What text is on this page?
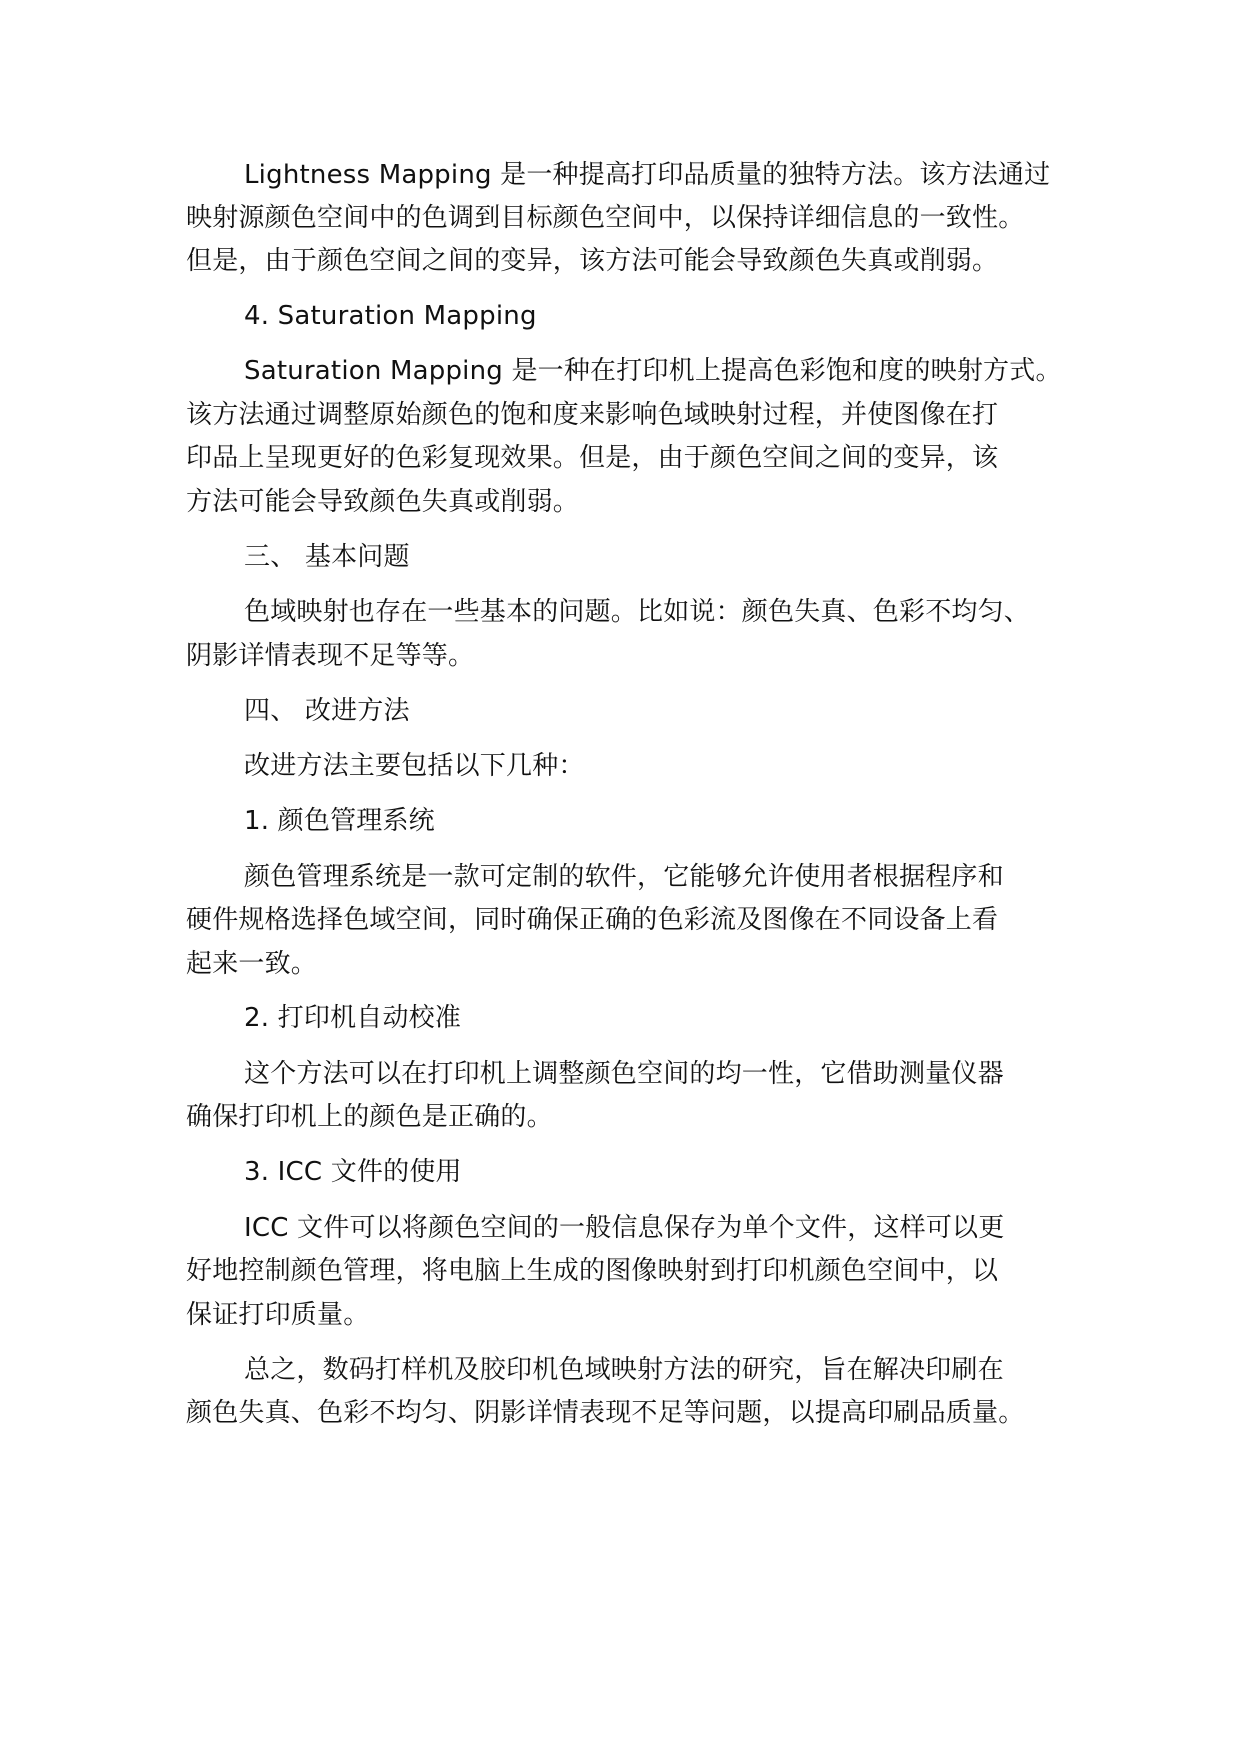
Lightness Mapping 是一种提高打印品质量的独特方法。该方法通过
映射源颜色空间中的色调到目标颜色空间中，以保持详细信息的一致性。
但是，由于颜色空间之间的变异，该方法可能会导致颜色失真或削弱。
4. Saturation Mapping
Saturation Mapping 是一种在打印机上提高色彩饱和度的映射方式。
该方法通过调整原始颜色的饱和度来影响色域映射过程，并使图像在打
印品上呈现更好的色彩复现效果。但是，由于颜色空间之间的变异，该
方法可能会导致颜色失真或削弱。
三、 基本问题
色域映射也存在一些基本的问题。比如说：颜色失真、色彩不均匀、
阴影详情表现不足等等。
四、 改进方法
改进方法主要包括以下几种：
1. 颜色管理系统
颜色管理系统是一款可定制的软件，它能够允许使用者根据程序和
硬件规格选择色域空间，同时确保正确的色彩流及图像在不同设备上看
起来一致。
2. 打印机自动校准
这个方法可以在打印机上调整颜色空间的均一性，它借助测量仪器
确保打印机上的颜色是正确的。
3. ICC 文件的使用
ICC 文件可以将颜色空间的一般信息保存为单个文件，这样可以更
好地控制颜色管理，将电脑上生成的图像映射到打印机颜色空间中，以
保证打印质量。
总之，数码打样机及胶印机色域映射方法的研究，旨在解决印刷在
颜色失真、色彩不均匀、阴影详情表现不足等问题，以提高印刷品质量。
